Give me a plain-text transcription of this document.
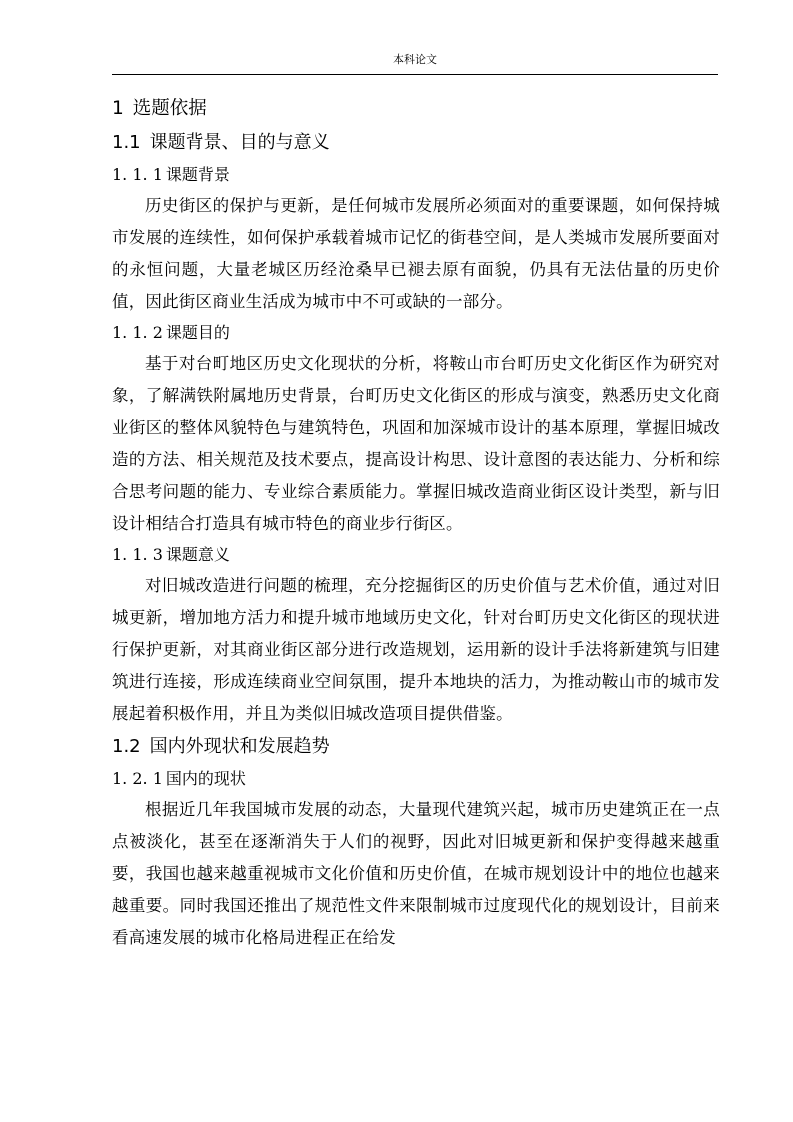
本科论文
1 选题依据
1.1 课题背景、目的与意义
1. 1. 1 课题背景

历史街区的保护与更新，是任何城市发展所必须面对的重要课题，如何保持城市发展的连续性，如何保护承载着城市记忆的街巷空间，是人类城市发展所要面对的永恒问题，大量老城区历经沧桑早已褪去原有面貌，仍具有无法估量的历史价值，因此街区商业生活成为城市中不可或缺的一部分。

1. 1. 2 课题目的

基于对台町地区历史文化现状的分析，将鞍山市台町历史文化街区作为研究对象，了解满铁附属地历史背景，台町历史文化街区的形成与演变，熟悉历史文化商业街区的整体风貌特色与建筑特色，巩固和加深城市设计的基本原理，掌握旧城改造的方法、相关规范及技术要点，提高设计构思、设计意图的表达能力、分析和综合思考问题的能力、专业综合素质能力。掌握旧城改造商业街区设计类型，新与旧设计相结合打造具有城市特色的商业步行街区。

1. 1. 3 课题意义

对旧城改造进行问题的梳理，充分挖掘街区的历史价值与艺术价值，通过对旧城更新，增加地方活力和提升城市地域历史文化，针对台町历史文化街区的现状进行保护更新，对其商业街区部分进行改造规划，运用新的设计手法将新建筑与旧建筑进行连接，形成连续商业空间氛围，提升本地块的活力，为推动鞍山市的城市发展起着积极作用，并且为类似旧城改造项目提供借鉴。

1.2 国内外现状和发展趋势
1. 2. 1 国内的现状

根据近几年我国城市发展的动态，大量现代建筑兴起，城市历史建筑正在一点点被淡化，甚至在逐渐消失于人们的视野，因此对旧城更新和保护变得越来越重要，我国也越来越重视城市文化价值和历史价值，在城市规划设计中的地位也越来越重要。同时我国还推出了规范性文件来限制城市过度现代化的规划设计，目前来看高速发展的城市化格局进程正在给发
